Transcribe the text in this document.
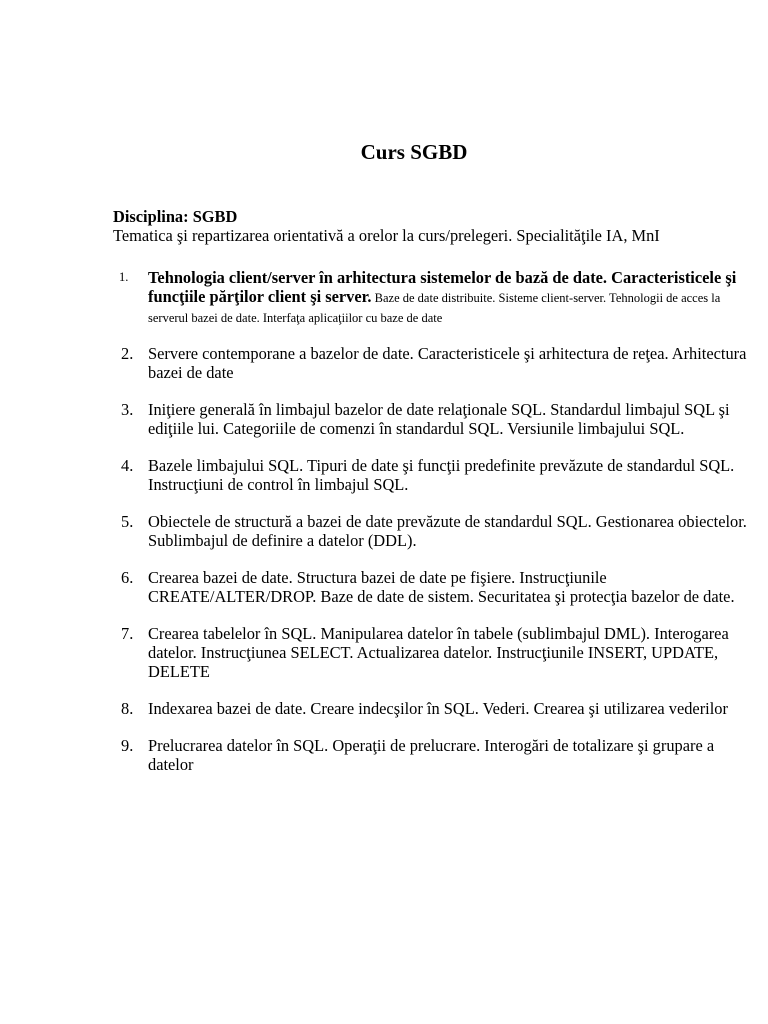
Curs SGBD
Disciplina: SGBD
Tematica şi repartizarea orientativă a orelor la curs/prelegeri. Specialităţile IA, MnI
1. Tehnologia client/server în arhitectura sistemelor de bază de date. Caracteristicele şi funcţiile părţilor client şi server. Baze de date distribuite. Sisteme client-server. Tehnologii de acces la serverul bazei de date. Interfaţa aplicaţiilor cu baze de date
2. Servere contemporane a bazelor de date. Caracteristicele şi arhitectura de reţea. Arhitectura bazei de date
3. Iniţiere generală în limbajul bazelor de date relaţionale SQL. Standardul limbajul SQL şi ediţiile lui. Categoriile de comenzi în standardul SQL. Versiunile limbajului SQL.
4. Bazele limbajului SQL. Tipuri de date şi funcţii predefinite prevăzute de standardul SQL. Instrucţiuni de control în limbajul SQL.
5. Obiectele de structură a bazei de date prevăzute de standardul SQL. Gestionarea obiectelor. Sublimbajul de definire a datelor (DDL).
6. Crearea bazei de date. Structura bazei de date pe fişiere. Instrucţiunile CREATE/ALTER/DROP. Baze de date de sistem. Securitatea şi protecţia bazelor de date.
7. Crearea tabelelor în SQL. Manipularea datelor în tabele (sublimbajul DML). Interogarea datelor. Instrucţiunea SELECT. Actualizarea datelor. Instrucţiunile INSERT, UPDATE, DELETE
8. Indexarea bazei de date. Creare indecşilor în SQL. Vederi. Crearea şi utilizarea vederilor
9. Prelucrarea datelor în SQL. Operaţii de prelucrare. Interogări de totalizare şi grupare a datelor
